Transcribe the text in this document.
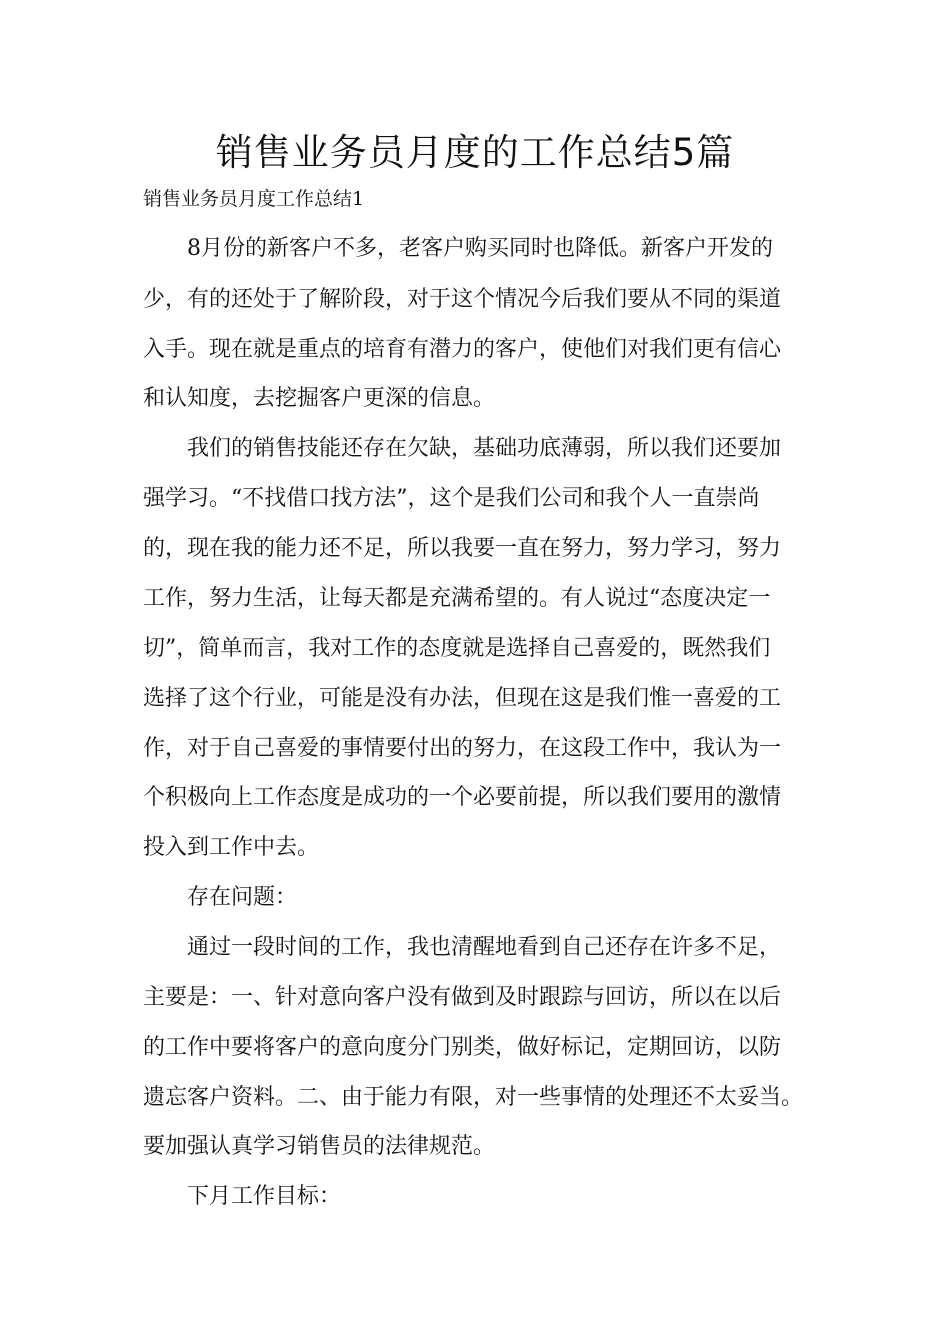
销售业务员月度的工作总结5篇

销售业务员月度工作总结1

8月份的新客户不多，老客户购买同时也降低。新客户开发的

少，有的还处于了解阶段，对于这个情况今后我们要从不同的渠道

入手。现在就是重点的培育有潜力的客户，使他们对我们更有信心

和认知度，去挖掘客户更深的信息。

我们的销售技能还存在欠缺，基础功底薄弱，所以我们还要加

强学习。“不找借口找方法”，这个是我们公司和我个人一直崇尚

的，现在我的能力还不足，所以我要一直在努力，努力学习，努力

工作，努力生活，让每天都是充满希望的。有人说过“态度决定一

切”，简单而言，我对工作的态度就是选择自己喜爱的，既然我们

选择了这个行业，可能是没有办法，但现在这是我们惟一喜爱的工

作，对于自己喜爱的事情要付出的努力，在这段工作中，我认为一

个积极向上工作态度是成功的一个必要前提，所以我们要用的激情

投入到工作中去。

存在问题：

通过一段时间的工作，我也清醒地看到自己还存在许多不足，

主要是：一、针对意向客户没有做到及时跟踪与回访，所以在以后

的工作中要将客户的意向度分门别类，做好标记，定期回访，以防

遗忘客户资料。二、由于能力有限，对一些事情的处理还不太妥当。

要加强认真学习销售员的法律规范。

下月工作目标：
